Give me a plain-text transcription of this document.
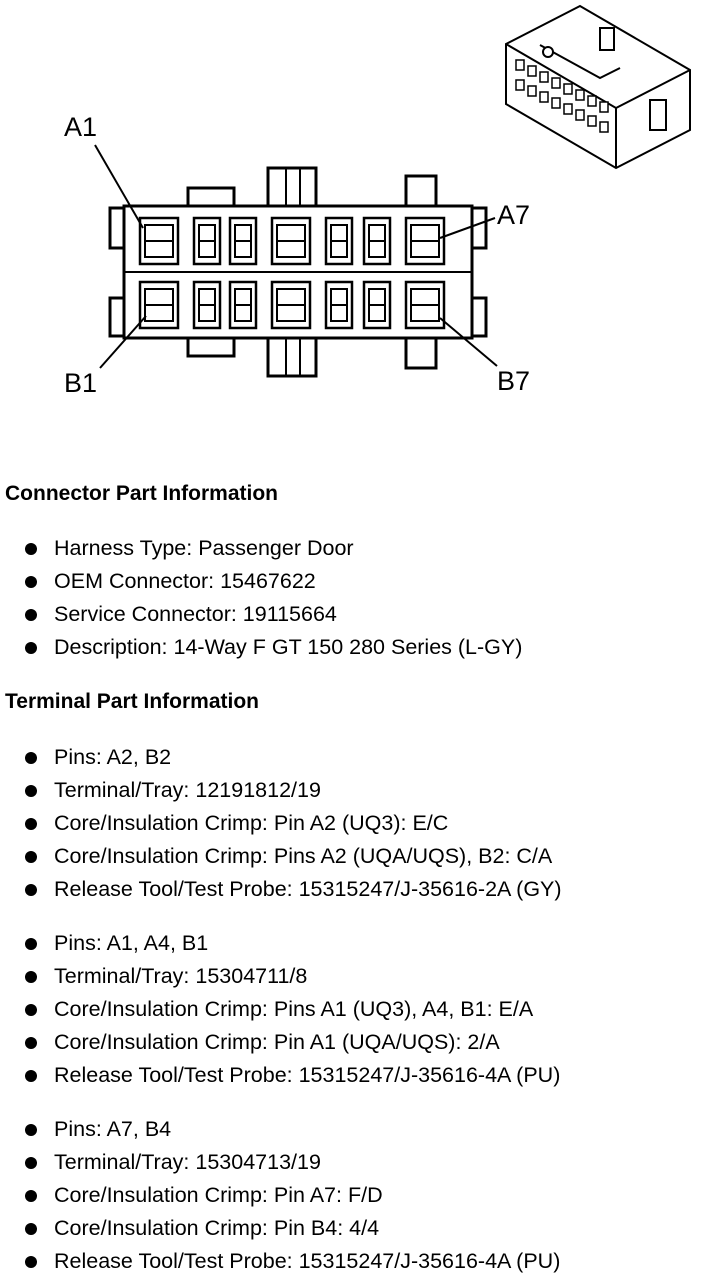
A1
A7
B1	B7
Connector Part Information
Harness Type: Passenger Door
OEM Connector: 15467622
Service Connector: 19115664
Description: 14-Way F GT 150 280 Series (L-GY)
Terminal Part Information
Pins: A2, B2
Terminal/Tray: 12191812/19
Core/Insulation Crimp: Pin A2 (UQ3): E/C
Core/Insulation Crimp: Pins A2 (UQA/UQS), B2: C/A
Release Tool/Test Probe: 15315247/J-35616-2A (GY)
Pins: A1, A4, B1
Terminal/Tray: 15304711/8
Core/Insulation Crimp: Pins A1 (UQ3), A4, B1: E/A
Core/Insulation Crimp: Pin A1 (UQA/UQS): 2/A
Release Tool/Test Probe: 15315247/J-35616-4A (PU)
Pins: A7, B4
Terminal/Tray: 15304713/19
Core/Insulation Crimp: Pin A7: F/D
Core/Insulation Crimp: Pin B4: 4/4
Release Tool/Test Probe: 15315247/J-35616-4A (PU)
